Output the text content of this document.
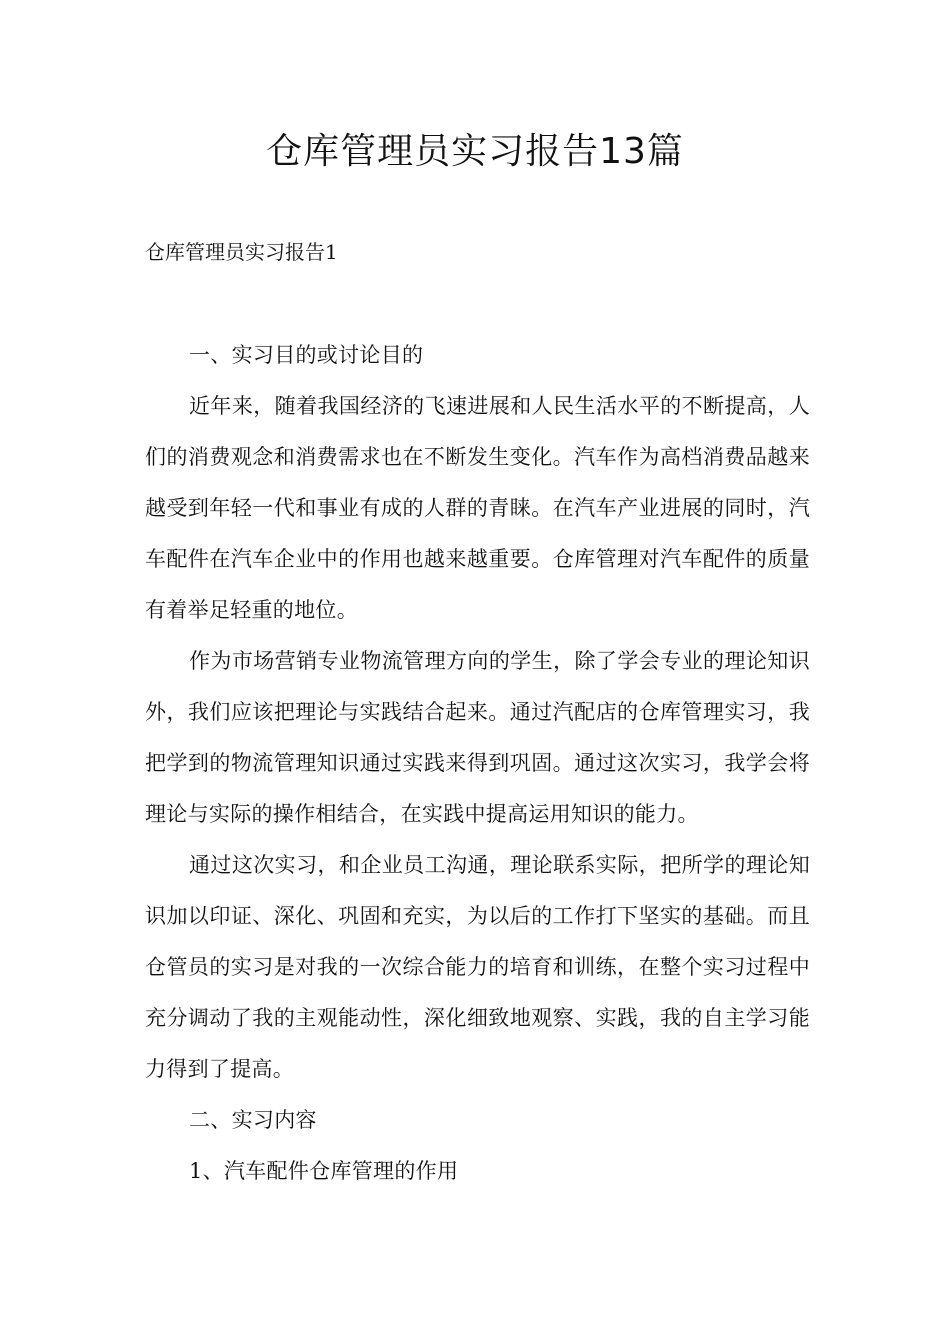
仓库管理员实习报告13篇

仓库管理员实习报告1

一、实习目的或讨论目的

近年来，随着我国经济的飞速进展和人民生活水平的不断提高，人们的消费观念和消费需求也在不断发生变化。汽车作为高档消费品越来越受到年轻一代和事业有成的人群的青睐。在汽车产业进展的同时，汽车配件在汽车企业中的作用也越来越重要。仓库管理对汽车配件的质量有着举足轻重的地位。

作为市场营销专业物流管理方向的学生，除了学会专业的理论知识外，我们应该把理论与实践结合起来。通过汽配店的仓库管理实习，我把学到的物流管理知识通过实践来得到巩固。通过这次实习，我学会将理论与实际的操作相结合，在实践中提高运用知识的能力。

通过这次实习，和企业员工沟通，理论联系实际，把所学的理论知识加以印证、深化、巩固和充实，为以后的工作打下坚实的基础。而且仓管员的实习是对我的一次综合能力的培育和训练，在整个实习过程中充分调动了我的主观能动性，深化细致地观察、实践，我的自主学习能力得到了提高。

二、实习内容

1、汽车配件仓库管理的作用
